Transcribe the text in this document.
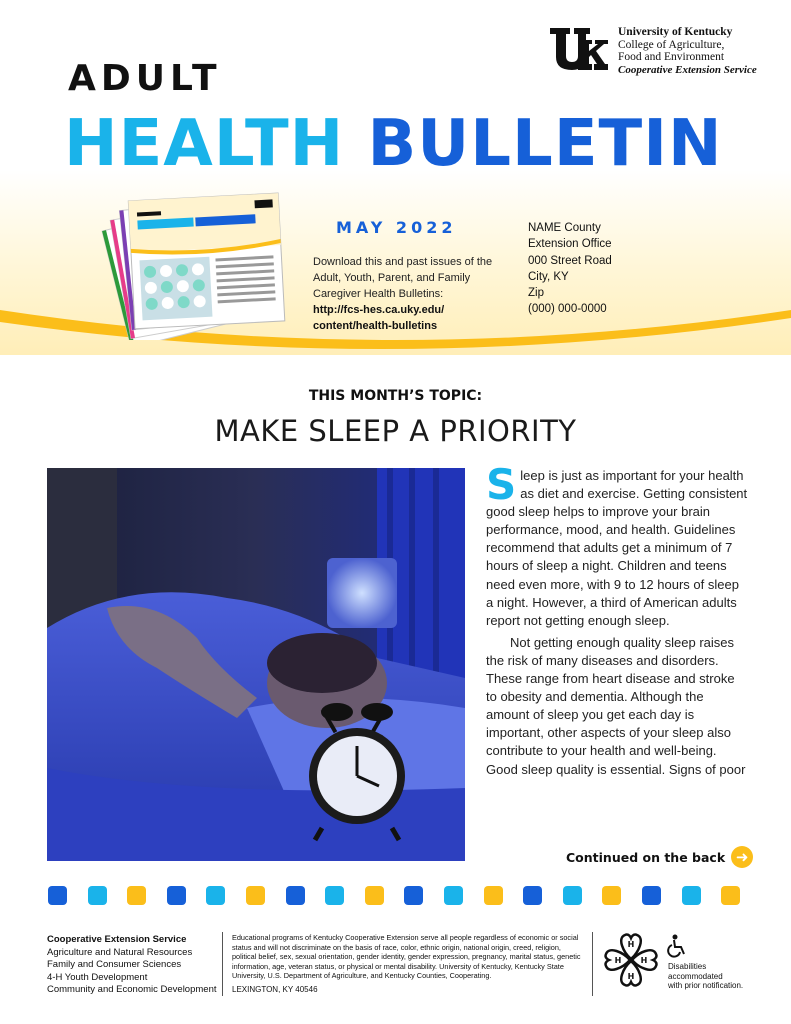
University of Kentucky
College of Agriculture,
Food and Environment
Cooperative Extension Service
ADULT
HEALTH BULLETIN
MAY 2022
Download this and past issues of the Adult, Youth, Parent, and Family Caregiver Health Bulletins:
http://fcs-hes.ca.uky.edu/
content/health-bulletins
NAME County
Extension Office
000 Street Road
City, KY
Zip
(000) 000-0000
THIS MONTH’S TOPIC:
MAKE SLEEP A PRIORITY

Sleep is just as important for your health as diet and exercise. Getting consistent good sleep helps to improve your brain performance, mood, and health. Guidelines recommend that adults get a minimum of 7 hours of sleep a night. Children and teens need even more, with 9 to 12 hours of sleep a night. However, a third of American adults report not getting enough sleep.

Not getting enough quality sleep raises the risk of many diseases and disorders. These range from heart disease and stroke to obesity and dementia. Although the amount of sleep you get each day is important, other aspects of your sleep also contribute to your health and well-being. Good sleep quality is essential. Signs of poor

Continued on the back ➜
Cooperative Extension Service
Agriculture and Natural Resources
Family and Consumer Sciences
4-H Youth Development
Community and Economic Development
Educational programs of Kentucky Cooperative Extension serve all people regardless of economic or social status and will not discriminate on the basis of race, color, ethnic origin, national origin, creed, religion, political belief, sex, sexual orientation, gender identity, gender expression, pregnancy, marital status, genetic information, age, veteran status, or physical or mental disability. University of Kentucky, Kentucky State University, U.S. Department of Agriculture, and Kentucky Counties, Cooperating.
LEXINGTON, KY 40546
H
H
H
H
Disabilities
accommodated
with prior notification.
